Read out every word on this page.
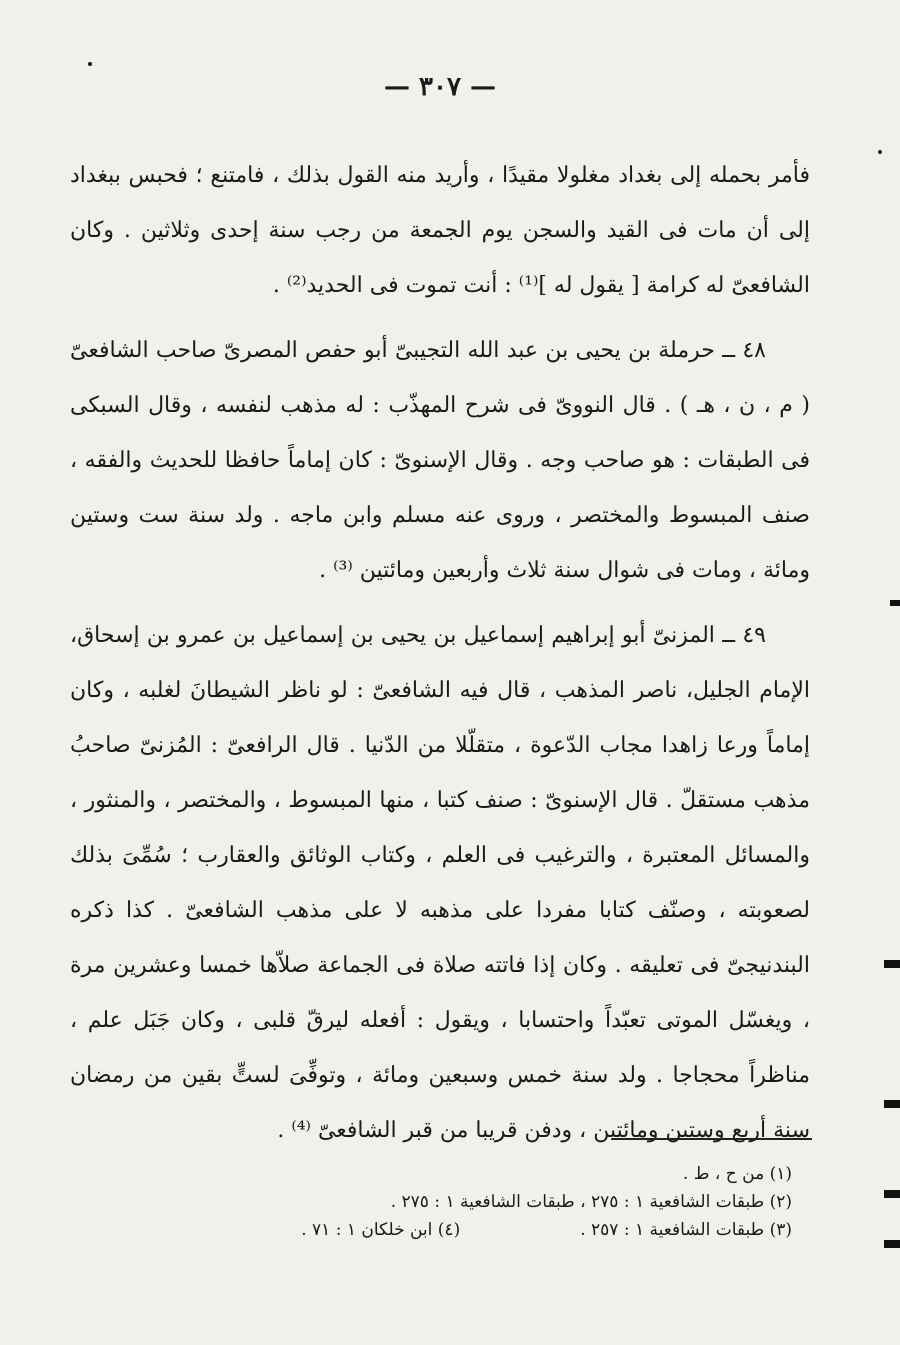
— ٣٠٧ —

فأمر بحمله إلى بغداد مغلولا مقيدًا ، وأريد منه القول بذلك ، فامتنع ؛ فحبس ببغداد إلى أن مات فى القيد والسجن يوم الجمعة من رجب سنة إحدى وثلاثين . وكان الشافعىّ له كرامة [ يقول له ]⁽¹⁾ : أنت تموت فى الحديد⁽²⁾ .

٤٨ ــ حرملة بن يحيى بن عبد الله التجيبىّ أبو حفص المصرىّ صاحب الشافعىّ ( م ، ن ، هـ ) . قال النووىّ فى شرح المهذّب : له مذهب لنفسه ، وقال السبكى فى الطبقات : هو صاحب وجه . وقال الإسنوىّ : كان إماماً حافظا للحديث والفقه ، صنف المبسوط والمختصر ، وروى عنه مسلم وابن ماجه . ولد سنة ست وستين ومائة ، ومات فى شوال سنة ثلاث وأربعين ومائتين ⁽³⁾ .

٤٩ ــ المزنىّ أبو إبراهيم إسماعيل بن يحيى بن إسماعيل بن عمرو بن إسحاق، الإمام الجليل، ناصر المذهب ، قال فيه الشافعىّ : لو ناظر الشيطانَ لغلبه ، وكان إماماً ورعا زاهدا مجاب الدّعوة ، متقلّلا من الدّنيا . قال الرافعىّ : المُزنىّ صاحبُ مذهب مستقلّ . قال الإسنوىّ : صنف كتبا ، منها المبسوط ، والمختصر ، والمنثور ، والمسائل المعتبرة ، والترغيب فى العلم ، وكتاب الوثائق والعقارب ؛ سُمِّىَ بذلك لصعوبته ، وصنّف كتابا مفردا على مذهبه لا على مذهب الشافعىّ . كذا ذكره البندنيجىّ فى تعليقه . وكان إذا فاتته صلاة فى الجماعة صلاّها خمسا وعشرين مرة ، ويغسّل الموتى تعبّداً واحتسابا ، ويقول : أفعله ليرقّ قلبى ، وكان جَبَل علم ، مناظراً محجاجا . ولد سنة خمس وسبعين ومائة ، وتوفِّىَ لستٍّ بقين من رمضان سنة أربع وستين ومائتين ، ودفن قريبا من قبر الشافعىّ ⁽⁴⁾ .

(١) من ح ، ط .
(٢) طبقات الشافعية ١ : ٢٧٥ ، طبقات الشافعية ١ : ٢٧٥ .
(٣) طبقات الشافعية ١ : ٢٥٧ .
(٤) ابن خلكان ١ : ٧١ .
